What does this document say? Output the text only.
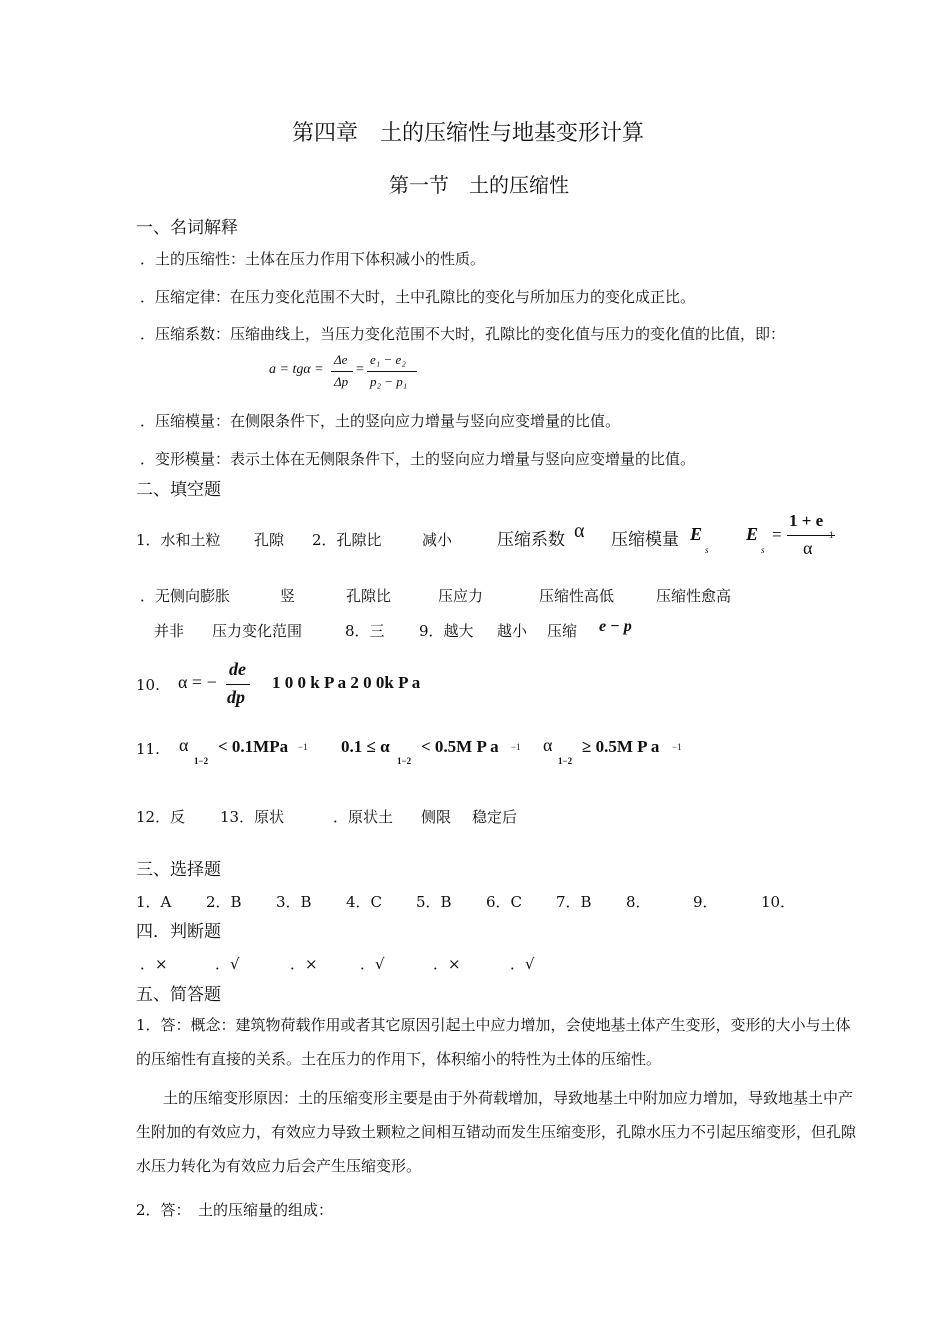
第四章　土的压缩性与地基变形计算
第一节　土的压缩性
一、名词解释
．土的压缩性：土体在压力作用下体积减小的性质。
．压缩定律：在压力变化范围不大时，土中孔隙比的变化与所加压力的变化成正比。
．压缩系数：压缩曲线上，当压力变化范围不大时，孔隙比的变化值与压力的变化值的比值，即：
a = tgα =
Δe
Δp
=
e₁ − e₂
p₂ − p₁
．压缩模量：在侧限条件下，土的竖向应力增量与竖向应变增量的比值。
．变形模量：表示土体在无侧限条件下，土的竖向应力增量与竖向应变增量的比值。
二、填空题
1．水和土粒 孔隙 2．孔隙比	减小	压缩系数 α 压缩模量 E
s
E
s
=
1 + e
α
．无侧向膨胀	竖	孔隙比	压应力	压缩性高低	压缩性愈高
并非 压力变化范围	8．三 9．越大 越小 压缩 e − p
10. α = −
de
dp
1 0 0 k P a 2 0 0k P a
11. α
1−2
< 0.1MPa −1 0.1 ≤ α
1−2
< 0.5M P a −1 α
1−2
≥ 0.5M P a −1
12．反 13．原状	．原状土 侧限 稳定后
三、选择题
1．A 2．B 3．B 4．C 5．B 6．C 7．B 8．	9．	10．
四．判断题
．×	．√	．×	．√	．×	．√
五、简答题
1．答：概念：建筑物荷载作用或者其它原因引起土中应力增加，会使地基土体产生变形，变形的大小与土体的压缩性有直接的关系。土在压力的作用下，体积缩小的特性为土体的压缩性。
土的压缩变形原因：土的压缩变形主要是由于外荷载增加，导致地基土中附加应力增加，导致地基土中产生附加的有效应力，有效应力导致土颗粒之间相互错动而发生压缩变形，孔隙水压力不引起压缩变形，但孔隙水压力转化为有效应力后会产生压缩变形。
2．答：　土的压缩量的组成：
